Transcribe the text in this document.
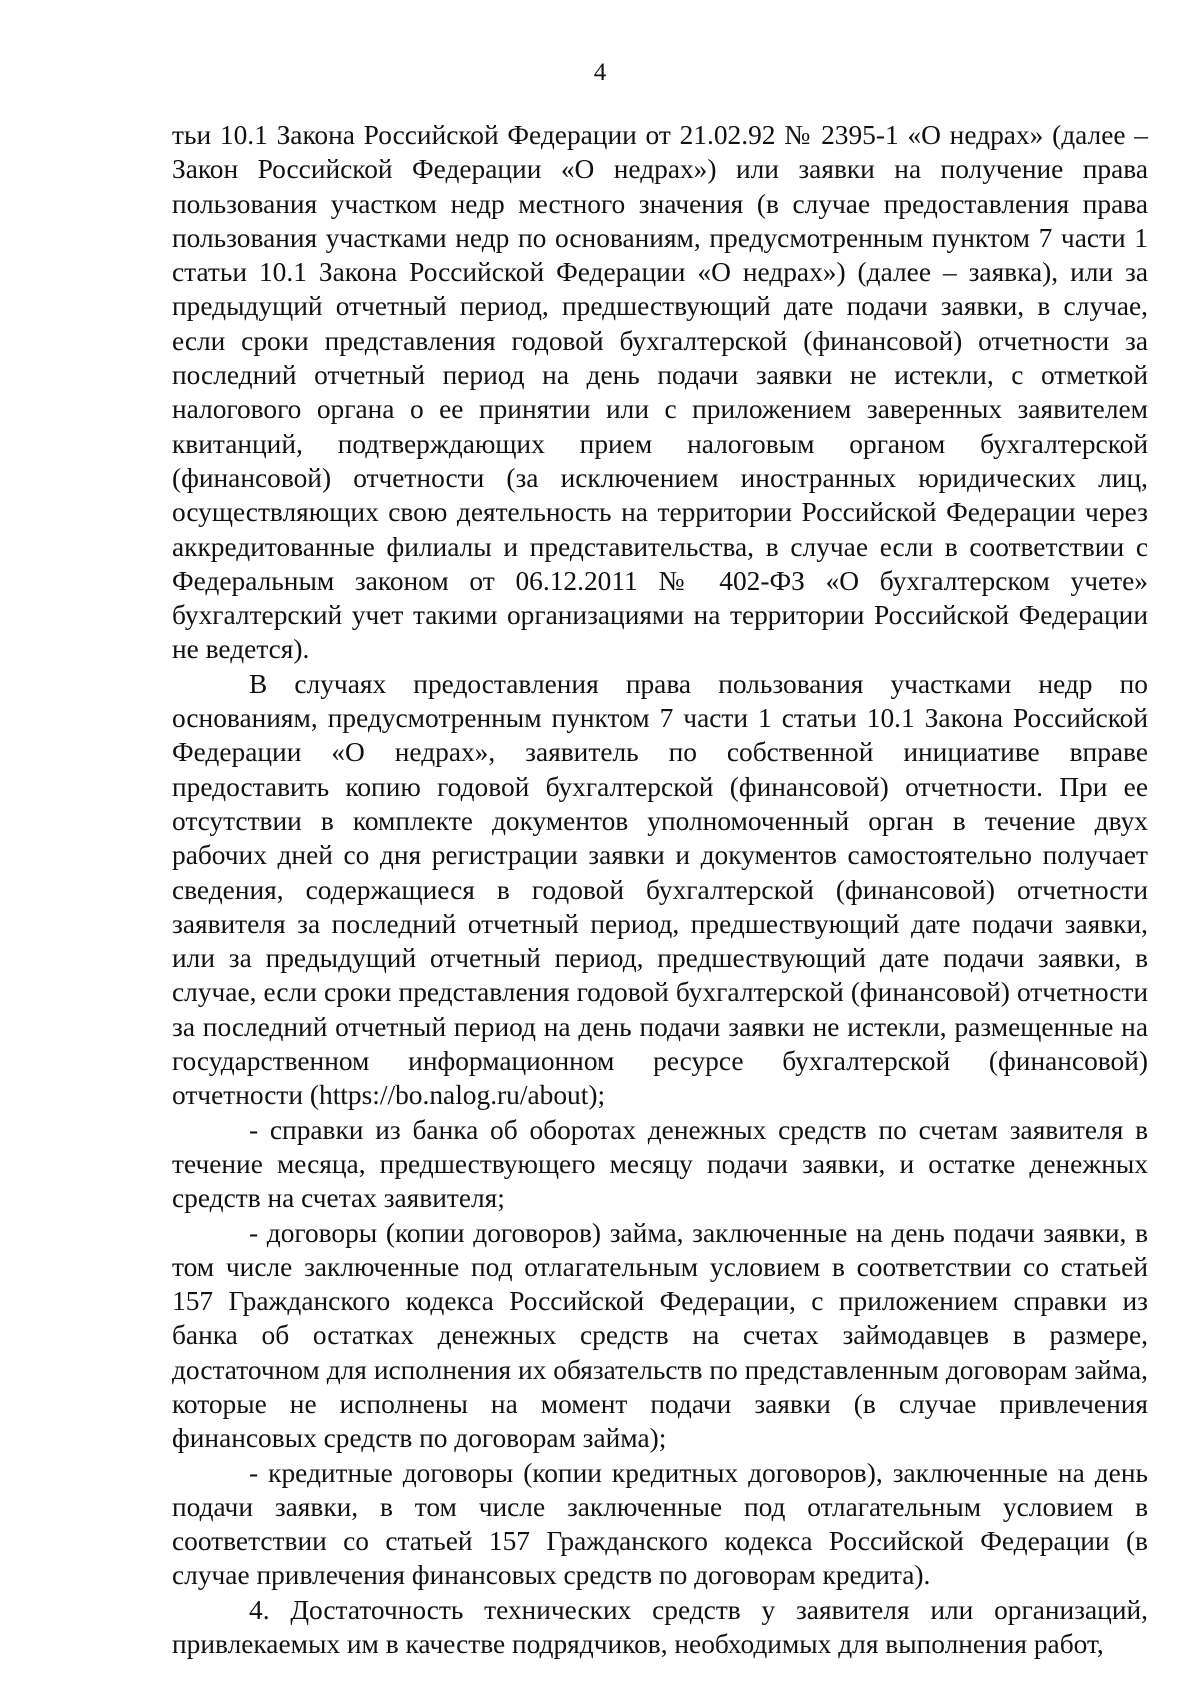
4

тьи 10.1 Закона Российской Федерации от 21.02.92 № 2395-1 «О недрах» (далее – Закон Российской Федерации «О недрах») или заявки на получение права пользования участком недр местного значения (в случае предоставления права пользования участками недр по основаниям, предусмотренным пунктом 7 части 1 статьи 10.1 Закона Российской Федерации «О недрах») (далее – заявка), или за предыдущий отчетный период, предшествующий дате подачи заявки, в случае, если сроки представления годовой бухгалтерской (финансовой) отчетности за последний отчетный период на день подачи заявки не истекли, с отметкой налогового органа о ее принятии или с приложением заверенных заявителем квитанций, подтверждающих прием налоговым органом бухгалтерской (финансовой) отчетности (за исключением иностранных юридических лиц, осуществляющих свою деятельность на территории Российской Федерации через аккредитованные филиалы и представительства, в случае если в соответствии с Федеральным законом от 06.12.2011 № 402-ФЗ «О бухгалтерском учете» бухгалтерский учет такими организациями на территории Российской Федерации не ведется).

В случаях предоставления права пользования участками недр по основаниям, предусмотренным пунктом 7 части 1 статьи 10.1 Закона Российской Федерации «О недрах», заявитель по собственной инициативе вправе предоставить копию годовой бухгалтерской (финансовой) отчетности. При ее отсутствии в комплекте документов уполномоченный орган в течение двух рабочих дней со дня регистрации заявки и документов самостоятельно получает сведения, содержащиеся в годовой бухгалтерской (финансовой) отчетности заявителя за последний отчетный период, предшествующий дате подачи заявки, или за предыдущий отчетный период, предшествующий дате подачи заявки, в случае, если сроки представления годовой бухгалтерской (финансовой) отчетности за последний отчетный период на день подачи заявки не истекли, размещенные на государственном информационном ресурсе бухгалтерской (финансовой) отчетности (https://bo.nalog.ru/about);

- справки из банка об оборотах денежных средств по счетам заявителя в течение месяца, предшествующего месяцу подачи заявки, и остатке денежных средств на счетах заявителя;

- договоры (копии договоров) займа, заключенные на день подачи заявки, в том числе заключенные под отлагательным условием в соответствии со статьей 157 Гражданского кодекса Российской Федерации, с приложением справки из банка об остатках денежных средств на счетах займодавцев в размере, достаточном для исполнения их обязательств по представленным договорам займа, которые не исполнены на момент подачи заявки (в случае привлечения финансовых средств по договорам займа);

- кредитные договоры (копии кредитных договоров), заключенные на день подачи заявки, в том числе заключенные под отлагательным условием в соответствии со статьей 157 Гражданского кодекса Российской Федерации (в случае привлечения финансовых средств по договорам кредита).

4. Достаточность технических средств у заявителя или организаций, привлекаемых им в качестве подрядчиков, необходимых для выполнения работ,
